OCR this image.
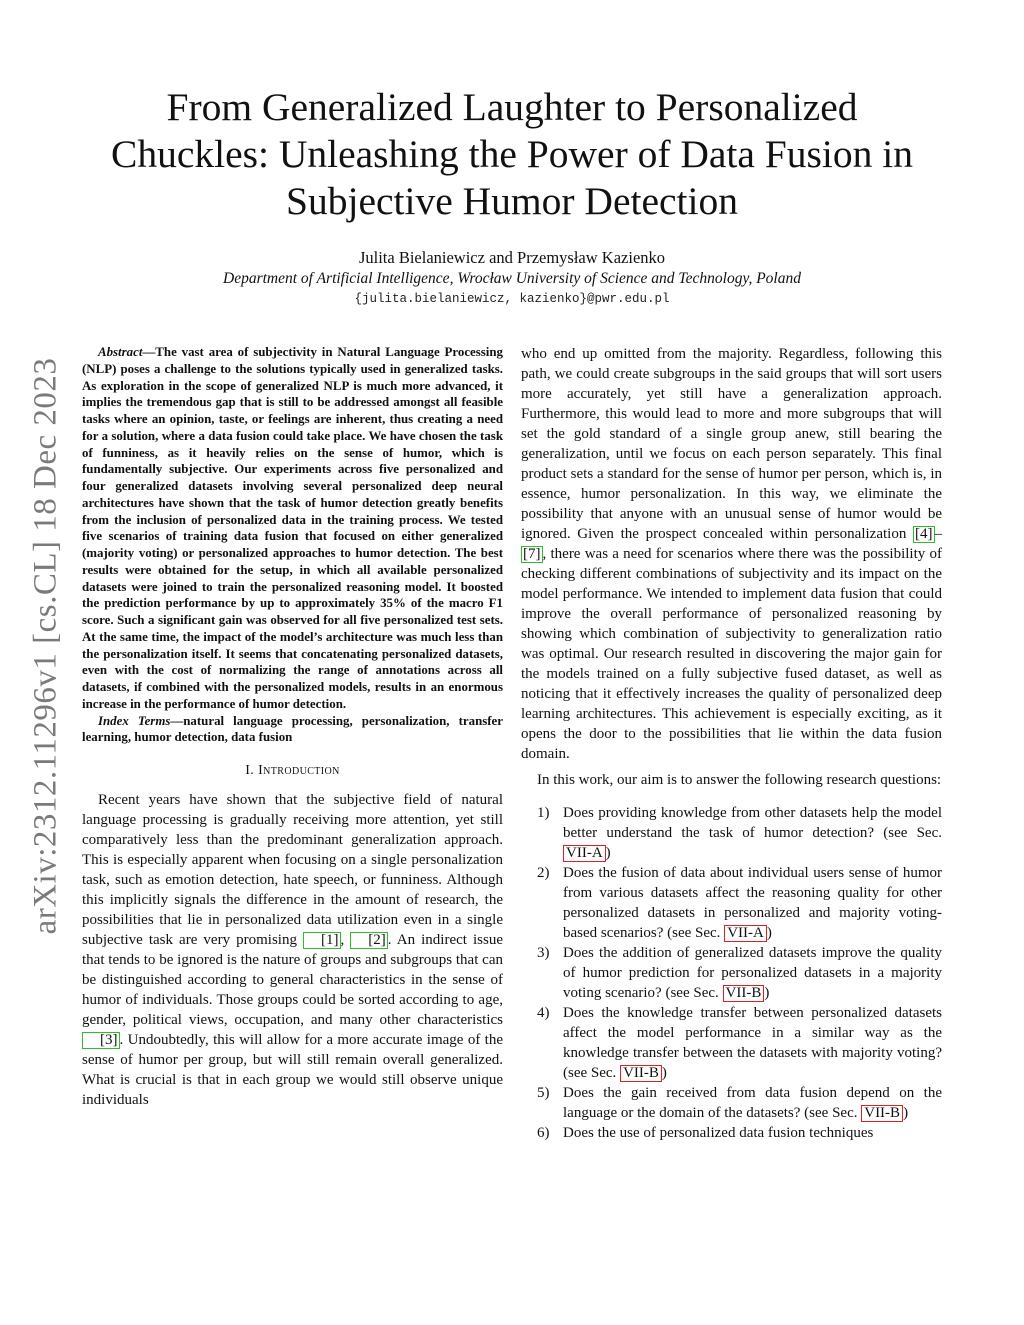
arXiv:2312.11296v1 [cs.CL] 18 Dec 2023
From Generalized Laughter to Personalized
Chuckles: Unleashing the Power of Data Fusion in
Subjective Humor Detection
Julita Bielaniewicz and Przemysław Kazienko
Department of Artificial Intelligence, Wrocław University of Science and Technology, Poland
{julita.bielaniewicz, kazienko}@pwr.edu.pl

Abstract—The vast area of subjectivity in Natural Language Processing (NLP) poses a challenge to the solutions typically used in generalized tasks. As exploration in the scope of generalized NLP is much more advanced, it implies the tremendous gap that is still to be addressed amongst all feasible tasks where an opinion, taste, or feelings are inherent, thus creating a need for a solution, where a data fusion could take place. We have chosen the task of funniness, as it heavily relies on the sense of humor, which is fundamentally subjective. Our experiments across five personalized and four generalized datasets involving several personalized deep neural architectures have shown that the task of humor detection greatly benefits from the inclusion of personalized data in the training process. We tested five scenarios of training data fusion that focused on either generalized (majority voting) or personalized approaches to humor detection. The best results were obtained for the setup, in which all available personalized datasets were joined to train the personalized reasoning model. It boosted the prediction performance by up to approximately 35% of the macro F1 score. Such a significant gain was observed for all five personalized test sets. At the same time, the impact of the model’s architecture was much less than the personalization itself. It seems that concatenating personalized datasets, even with the cost of normalizing the range of annotations across all datasets, if combined with the personalized models, results in an enormous increase in the performance of humor detection.

Index Terms—natural language processing, personalization, transfer learning, humor detection, data fusion

I. Introduction

Recent years have shown that the subjective field of natural language processing is gradually receiving more attention, yet still comparatively less than the predominant generalization approach. This is especially apparent when focusing on a single personalization task, such as emotion detection, hate speech, or funniness. Although this implicitly signals the difference in the amount of research, the possibilities that lie in personalized data utilization even in a single subjective task are very promising [1] , [2] . An indirect issue that tends to be ignored is the nature of groups and subgroups that can be distinguished according to general characteristics in the sense of humor of individuals. Those groups could be sorted according to age, gender, political views, occupation, and many other characteristics [3] . Undoubtedly, this will allow for a more accurate image of the sense of humor per group, but will still remain overall generalized. What is crucial is that in each group we would still observe unique individuals

who end up omitted from the majority. Regardless, following this path, we could create subgroups in the said groups that will sort users more accurately, yet still have a generalization approach. Furthermore, this would lead to more and more subgroups that will set the gold standard of a single group anew, still bearing the generalization, until we focus on each person separately. This final product sets a standard for the sense of humor per person, which is, in essence, humor personalization. In this way, we eliminate the possibility that anyone with an unusual sense of humor would be ignored. Given the prospect concealed within personalization [4] –[7] , there was a need for scenarios where there was the possibility of checking different combinations of subjectivity and its impact on the model performance. We intended to implement data fusion that could improve the overall performance of personalized reasoning by showing which combination of subjectivity to generalization ratio was optimal. Our research resulted in discovering the major gain for the models trained on a fully subjective fused dataset, as well as noticing that it effectively increases the quality of personalized deep learning architectures. This achievement is especially exciting, as it opens the door to the possibilities that lie within the data fusion domain.

In this work, our aim is to answer the following research questions:

1) Does providing knowledge from other datasets help the model better understand the task of humor detection? (see Sec. VII-A )
2) Does the fusion of data about individual users sense of humor from various datasets affect the reasoning quality for other personalized datasets in personalized and majority voting-based scenarios? (see Sec. VII-A )
3) Does the addition of generalized datasets improve the quality of humor prediction for personalized datasets in a majority voting scenario? (see Sec. VII-B )
4) Does the knowledge transfer between personalized datasets affect the model performance in a similar way as the knowledge transfer between the datasets with majority voting? (see Sec. VII-B )
5) Does the gain received from data fusion depend on the language or the domain of the datasets? (see Sec. VII-B )
6) Does the use of personalized data fusion techniques
